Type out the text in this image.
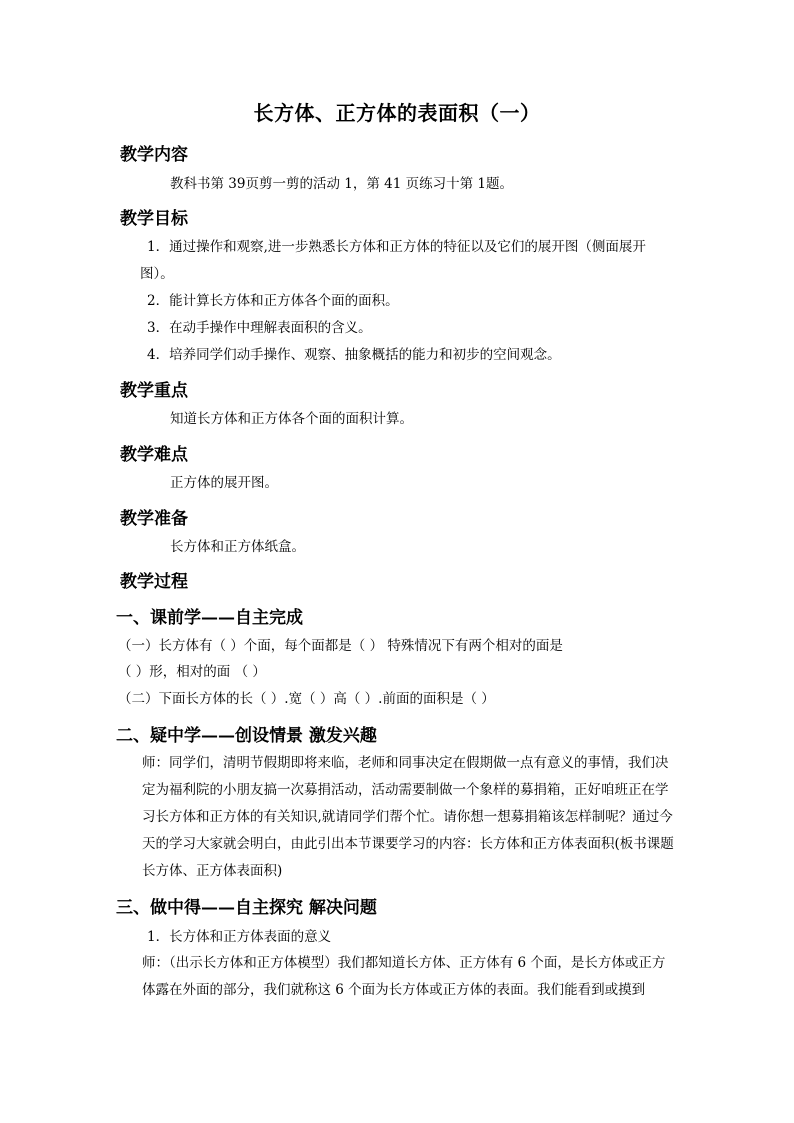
长方体、正方体的表面积（一）
教学内容
教科书第 39页剪一剪的活动 1，第 41 页练习十第 1题。
教学目标
1．通过操作和观察,进一步熟悉长方体和正方体的特征以及它们的展开图（侧面展开
图）。
2．能计算长方体和正方体各个面的面积。
3．在动手操作中理解表面积的含义。
4．培养同学们动手操作、观察、抽象概括的能力和初步的空间观念。
教学重点
知道长方体和正方体各个面的面积计算。
教学难点
正方体的展开图。
教学准备
长方体和正方体纸盒。
教学过程
一、课前学——自主完成
（一）长方体有（ ）个面，每个面都是（ ） 特殊情况下有两个相对的面是
（ ）形，相对的面 （ ）
（二）下面长方体的长（ ）.宽（ ）高（ ）.前面的面积是（ ）
二、疑中学——创设情景 激发兴趣
师：同学们，清明节假期即将来临，老师和同事决定在假期做一点有意义的事情，我们决定为福利院的小朋友搞一次募捐活动，活动需要制做一个象样的募捐箱，正好咱班正在学习长方体和正方体的有关知识,就请同学们帮个忙。请你想一想募捐箱该怎样制呢？通过今天的学习大家就会明白，由此引出本节课要学习的内容：长方体和正方体表面积(板书课题 长方体、正方体表面积)
三、做中得——自主探究 解决问题
1．长方体和正方体表面的意义
师：（出示长方体和正方体模型）我们都知道长方体、正方体有 6 个面，是长方体或正方体露在外面的部分，我们就称这 6 个面为长方体或正方体的表面。我们能看到或摸到
